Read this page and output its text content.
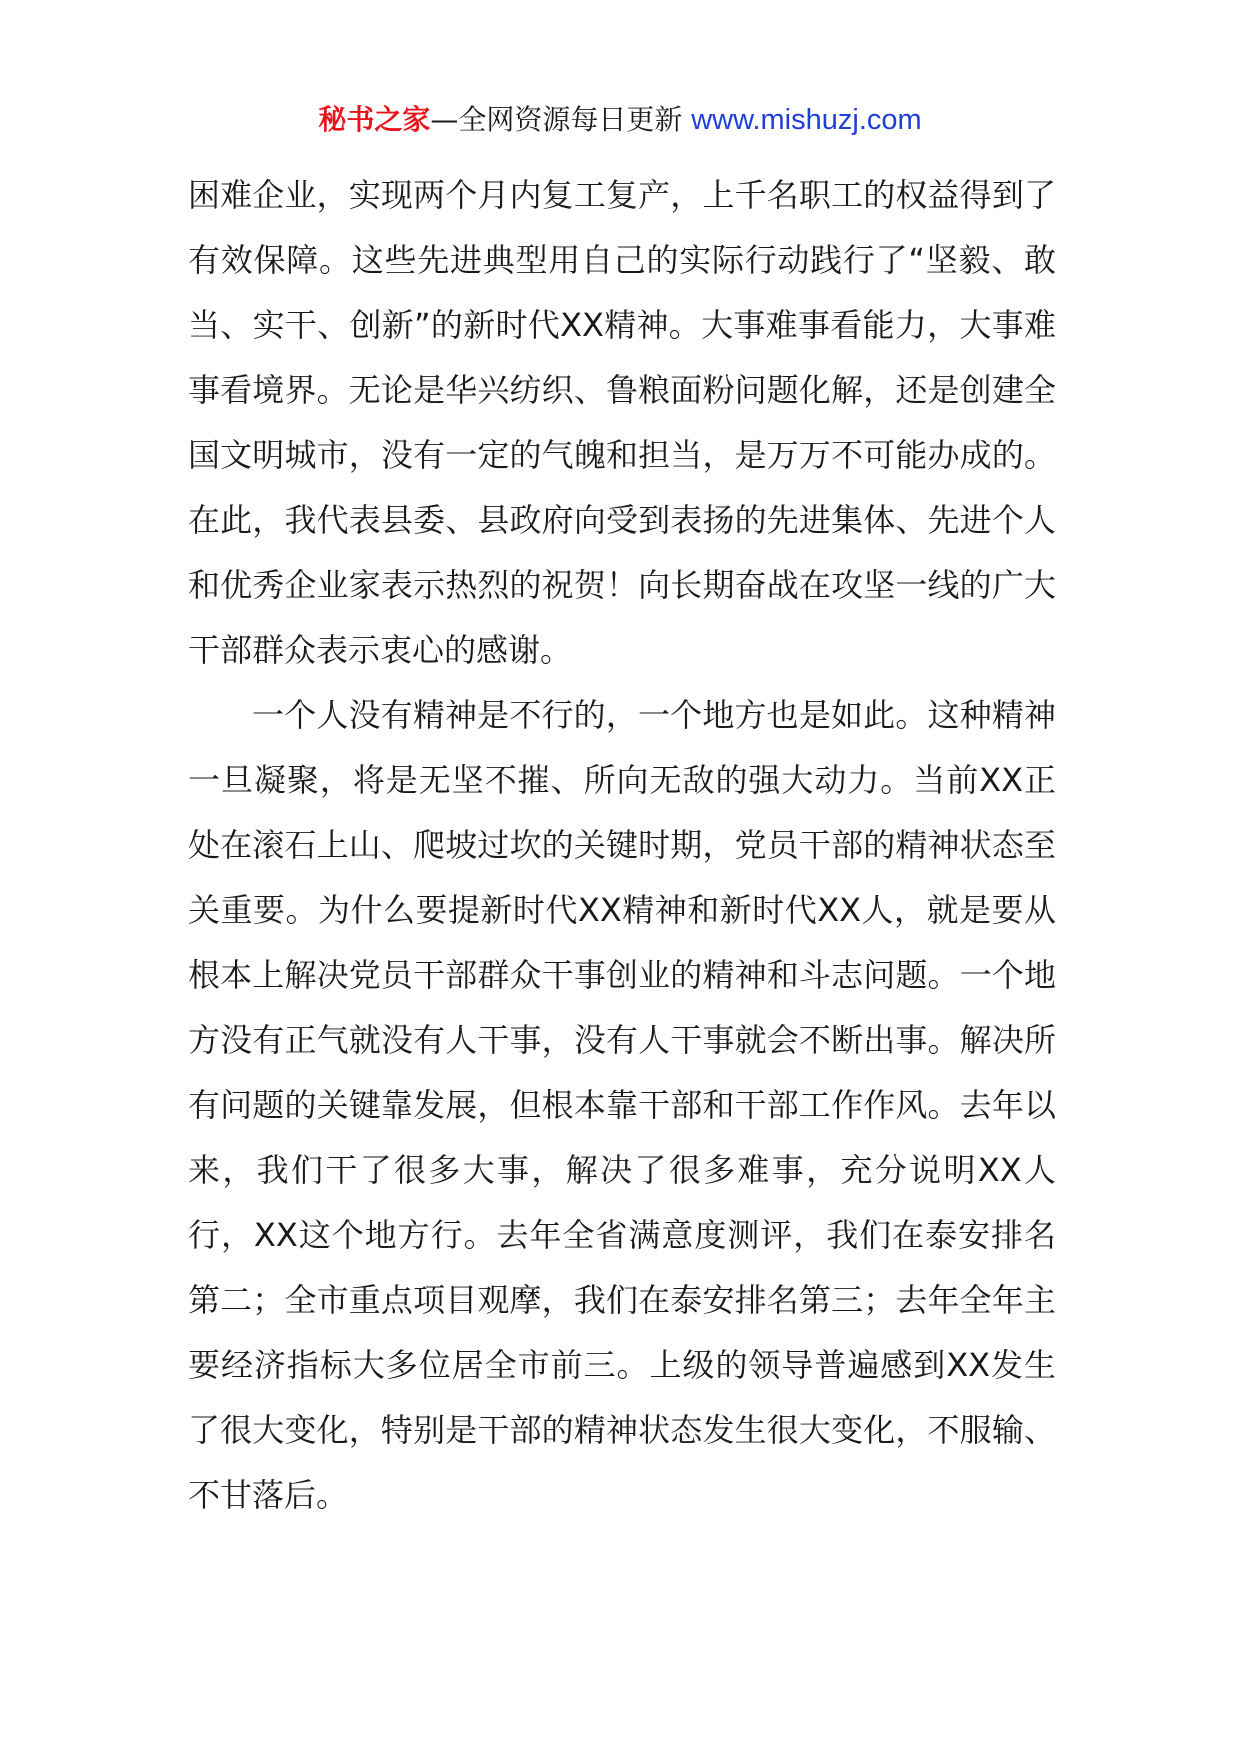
秘书之家—全网资源每日更新 www.mishuzj.com

困难企业，实现两个月内复工复产，上千名职工的权益得到了有效保障。这些先进典型用自己的实际行动践行了“坚毅、敢当、实干、创新”的新时代XX精神。大事难事看能力，大事难事看境界。无论是华兴纺织、鲁粮面粉问题化解，还是创建全国文明城市，没有一定的气魄和担当，是万万不可能办成的。在此，我代表县委、县政府向受到表扬的先进集体、先进个人和优秀企业家表示热烈的祝贺！向长期奋战在攻坚一线的广大干部群众表示衷心的感谢。

一个人没有精神是不行的，一个地方也是如此。这种精神一旦凝聚，将是无坚不摧、所向无敌的强大动力。当前XX正处在滚石上山、爬坡过坎的关键时期，党员干部的精神状态至关重要。为什么要提新时代XX精神和新时代XX人，就是要从根本上解决党员干部群众干事创业的精神和斗志问题。一个地方没有正气就没有人干事，没有人干事就会不断出事。解决所有问题的关键靠发展，但根本靠干部和干部工作作风。去年以来，我们干了很多大事，解决了很多难事，充分说明XX人行，XX这个地方行。去年全省满意度测评，我们在泰安排名第二；全市重点项目观摩，我们在泰安排名第三；去年全年主要经济指标大多位居全市前三。上级的领导普遍感到XX发生了很大变化，特别是干部的精神状态发生很大变化，不服输、不甘落后。
